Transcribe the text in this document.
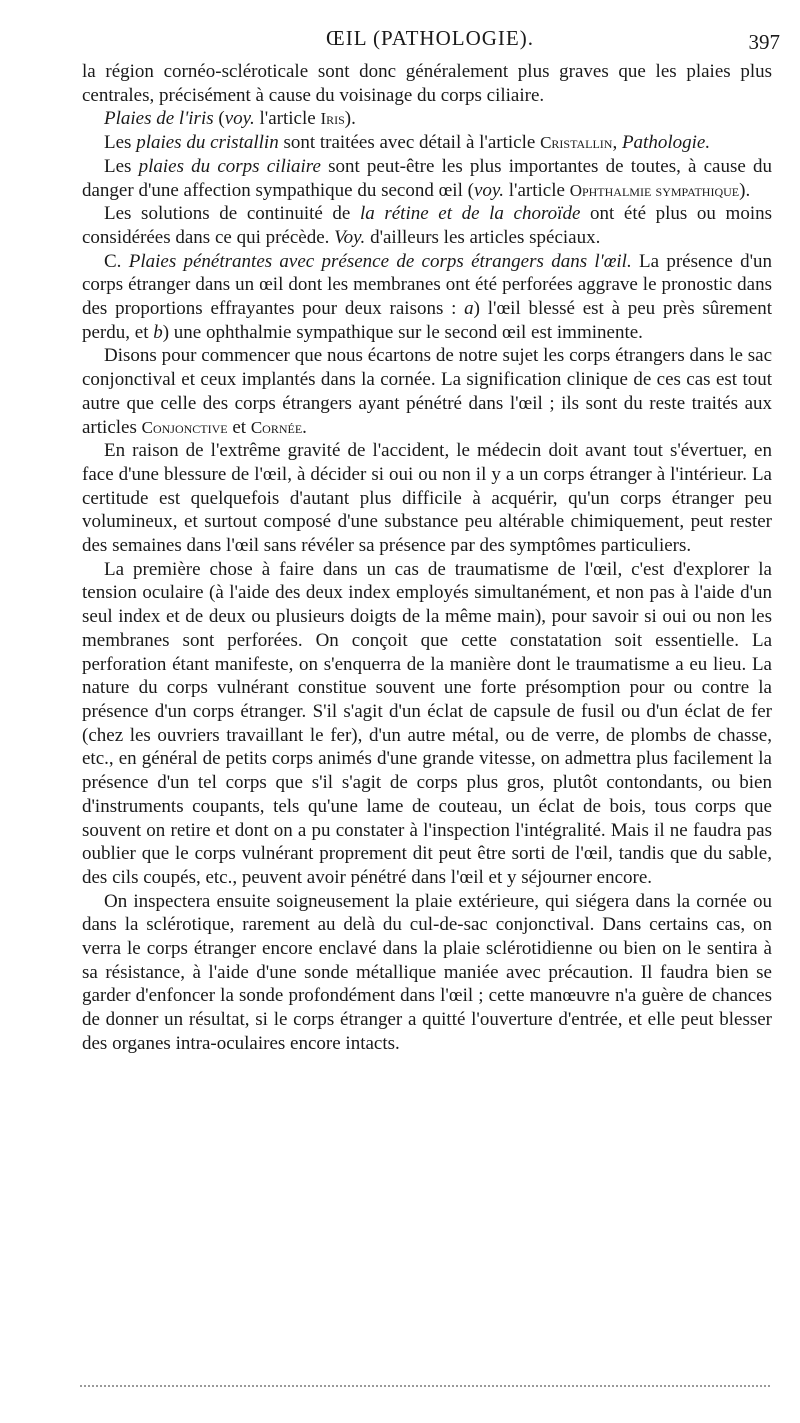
ŒIL (PATHOLOGIE).	397

la région cornéo-scléroticale sont donc généralement plus graves que les plaies plus centrales, précisément à cause du voisinage du corps ciliaire.

Plaies de l'iris (voy. l'article Iris).

Les plaies du cristallin sont traitées avec détail à l'article Cristallin, Pathologie.

Les plaies du corps ciliaire sont peut-être les plus importantes de toutes, à cause du danger d'une affection sympathique du second œil (voy. l'article Ophthalmie sympathique).

Les solutions de continuité de la rétine et de la choroïde ont été plus ou moins considérées dans ce qui précède. Voy. d'ailleurs les articles spéciaux.

C. Plaies pénétrantes avec présence de corps étrangers dans l'œil. La présence d'un corps étranger dans un œil dont les membranes ont été perforées aggrave le pronostic dans des proportions effrayantes pour deux raisons : a) l'œil blessé est à peu près sûrement perdu, et b) une ophthalmie sympathique sur le second œil est imminente.

Disons pour commencer que nous écartons de notre sujet les corps étrangers dans le sac conjonctival et ceux implantés dans la cornée. La signification clinique de ces cas est tout autre que celle des corps étrangers ayant pénétré dans l'œil ; ils sont du reste traités aux articles Conjonctive et Cornée.

En raison de l'extrême gravité de l'accident, le médecin doit avant tout s'évertuer, en face d'une blessure de l'œil, à décider si oui ou non il y a un corps étranger à l'intérieur. La certitude est quelquefois d'autant plus difficile à acquérir, qu'un corps étranger peu volumineux, et surtout composé d'une substance peu altérable chimiquement, peut rester des semaines dans l'œil sans révéler sa présence par des symptômes particuliers.

La première chose à faire dans un cas de traumatisme de l'œil, c'est d'explorer la tension oculaire (à l'aide des deux index employés simultanément, et non pas à l'aide d'un seul index et de deux ou plusieurs doigts de la même main), pour savoir si oui ou non les membranes sont perforées. On conçoit que cette constatation soit essentielle. La perforation étant manifeste, on s'enquerra de la manière dont le traumatisme a eu lieu. La nature du corps vulnérant constitue souvent une forte présomption pour ou contre la présence d'un corps étranger. S'il s'agit d'un éclat de capsule de fusil ou d'un éclat de fer (chez les ouvriers travaillant le fer), d'un autre métal, ou de verre, de plombs de chasse, etc., en général de petits corps animés d'une grande vitesse, on admettra plus facilement la présence d'un tel corps que s'il s'agit de corps plus gros, plutôt contondants, ou bien d'instruments coupants, tels qu'une lame de couteau, un éclat de bois, tous corps que souvent on retire et dont on a pu constater à l'inspection l'intégralité. Mais il ne faudra pas oublier que le corps vulnérant proprement dit peut être sorti de l'œil, tandis que du sable, des cils coupés, etc., peuvent avoir pénétré dans l'œil et y séjourner encore.

On inspectera ensuite soigneusement la plaie extérieure, qui siégera dans la cornée ou dans la sclérotique, rarement au delà du cul-de-sac conjonctival. Dans certains cas, on verra le corps étranger encore enclavé dans la plaie sclérotidienne ou bien on le sentira à sa résistance, à l'aide d'une sonde métallique maniée avec précaution. Il faudra bien se garder d'enfoncer la sonde profondément dans l'œil ; cette manœuvre n'a guère de chances de donner un résultat, si le corps étranger a quitté l'ouverture d'entrée, et elle peut blesser des organes intra-oculaires encore intacts.
